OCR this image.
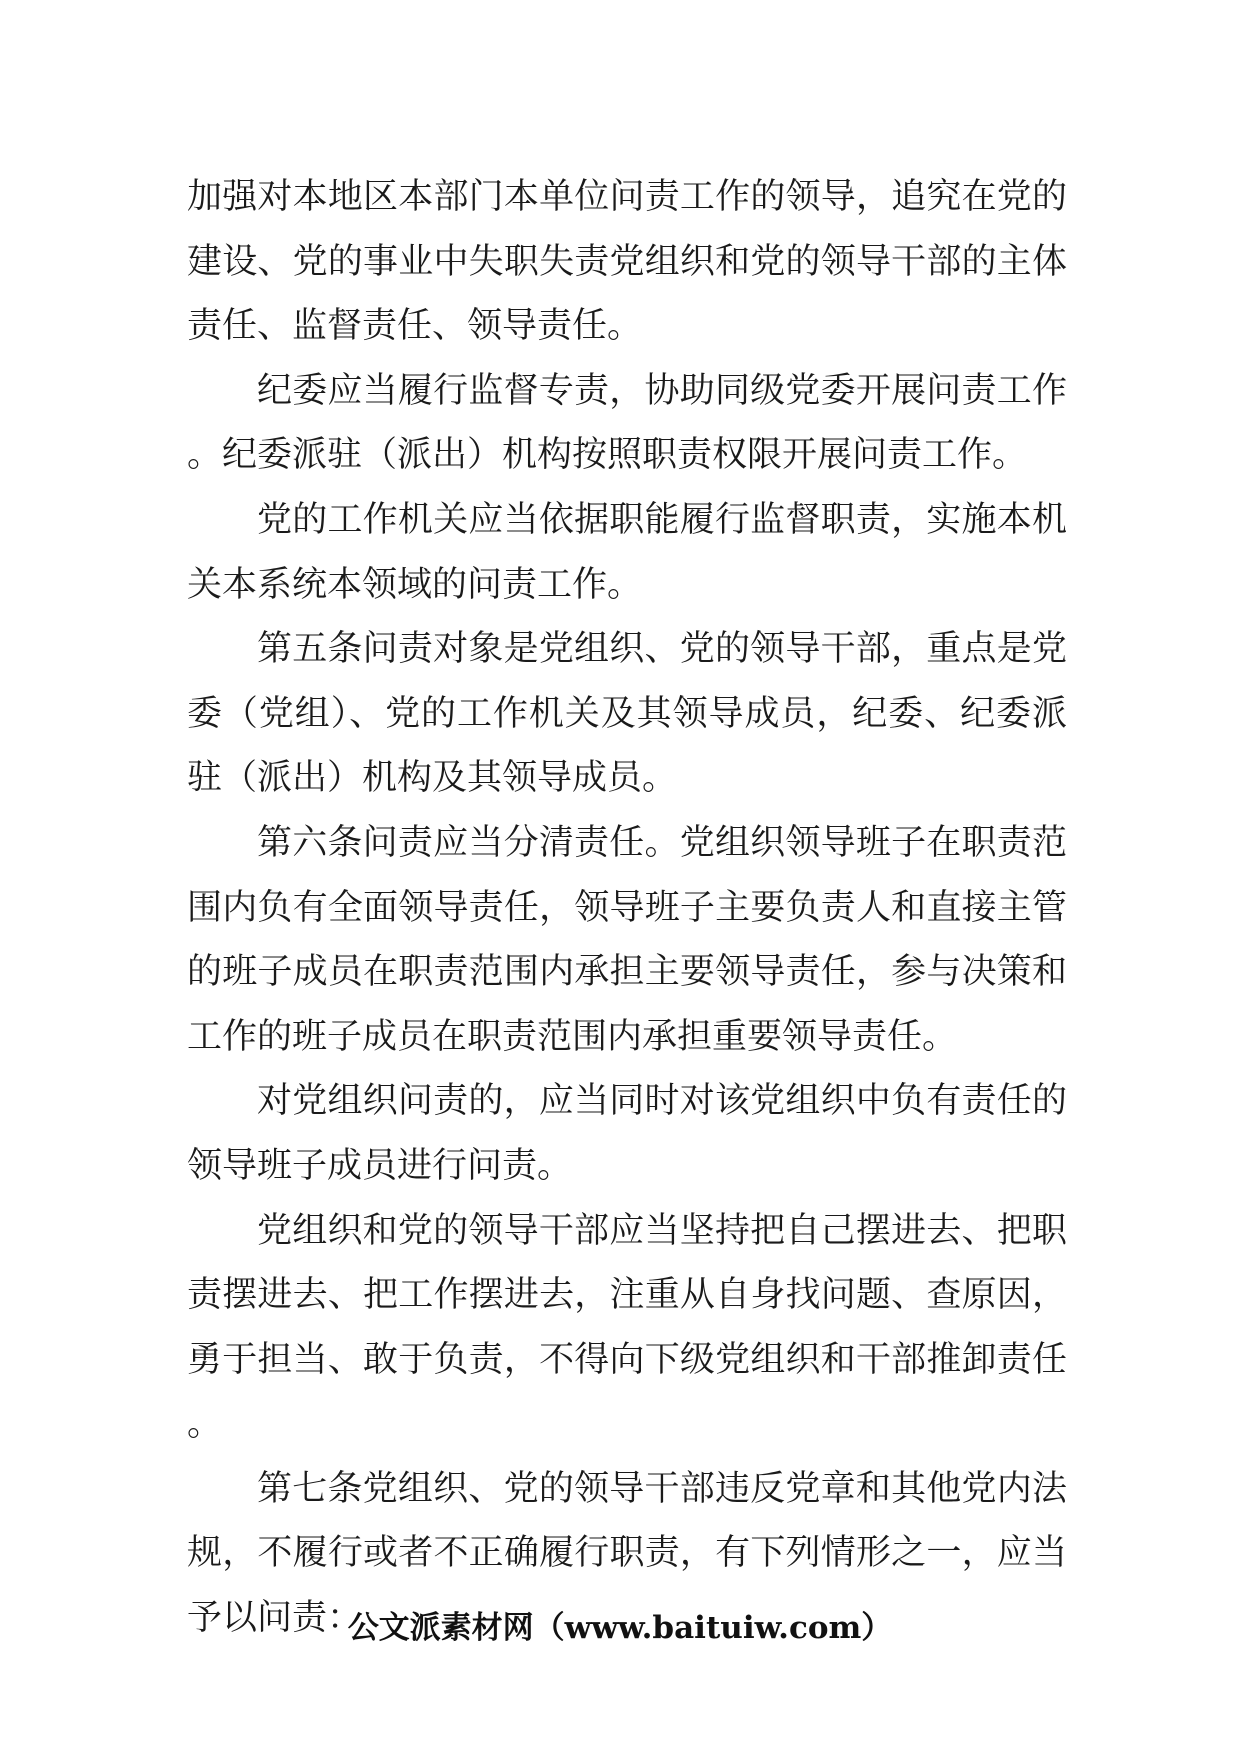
加强对本地区本部门本单位问责工作的领导，追究在党的建设、党的事业中失职失责党组织和党的领导干部的主体责任、监督责任、领导责任。

纪委应当履行监督专责，协助同级党委开展问责工作。纪委派驻（派出）机构按照职责权限开展问责工作。

党的工作机关应当依据职能履行监督职责，实施本机关本系统本领域的问责工作。

第五条问责对象是党组织、党的领导干部，重点是党委（党组）、党的工作机关及其领导成员，纪委、纪委派驻（派出）机构及其领导成员。

第六条问责应当分清责任。党组织领导班子在职责范围内负有全面领导责任，领导班子主要负责人和直接主管的班子成员在职责范围内承担主要领导责任，参与决策和工作的班子成员在职责范围内承担重要领导责任。

对党组织问责的，应当同时对该党组织中负有责任的领导班子成员进行问责。

党组织和党的领导干部应当坚持把自己摆进去、把职责摆进去、把工作摆进去，注重从自身找问题、查原因，勇于担当、敢于负责，不得向下级党组织和干部推卸责任。

第七条党组织、党的领导干部违反党章和其他党内法规，不履行或者不正确履行职责，有下列情形之一，应当予以问责：

公文派素材网（www.baituiw.com）
